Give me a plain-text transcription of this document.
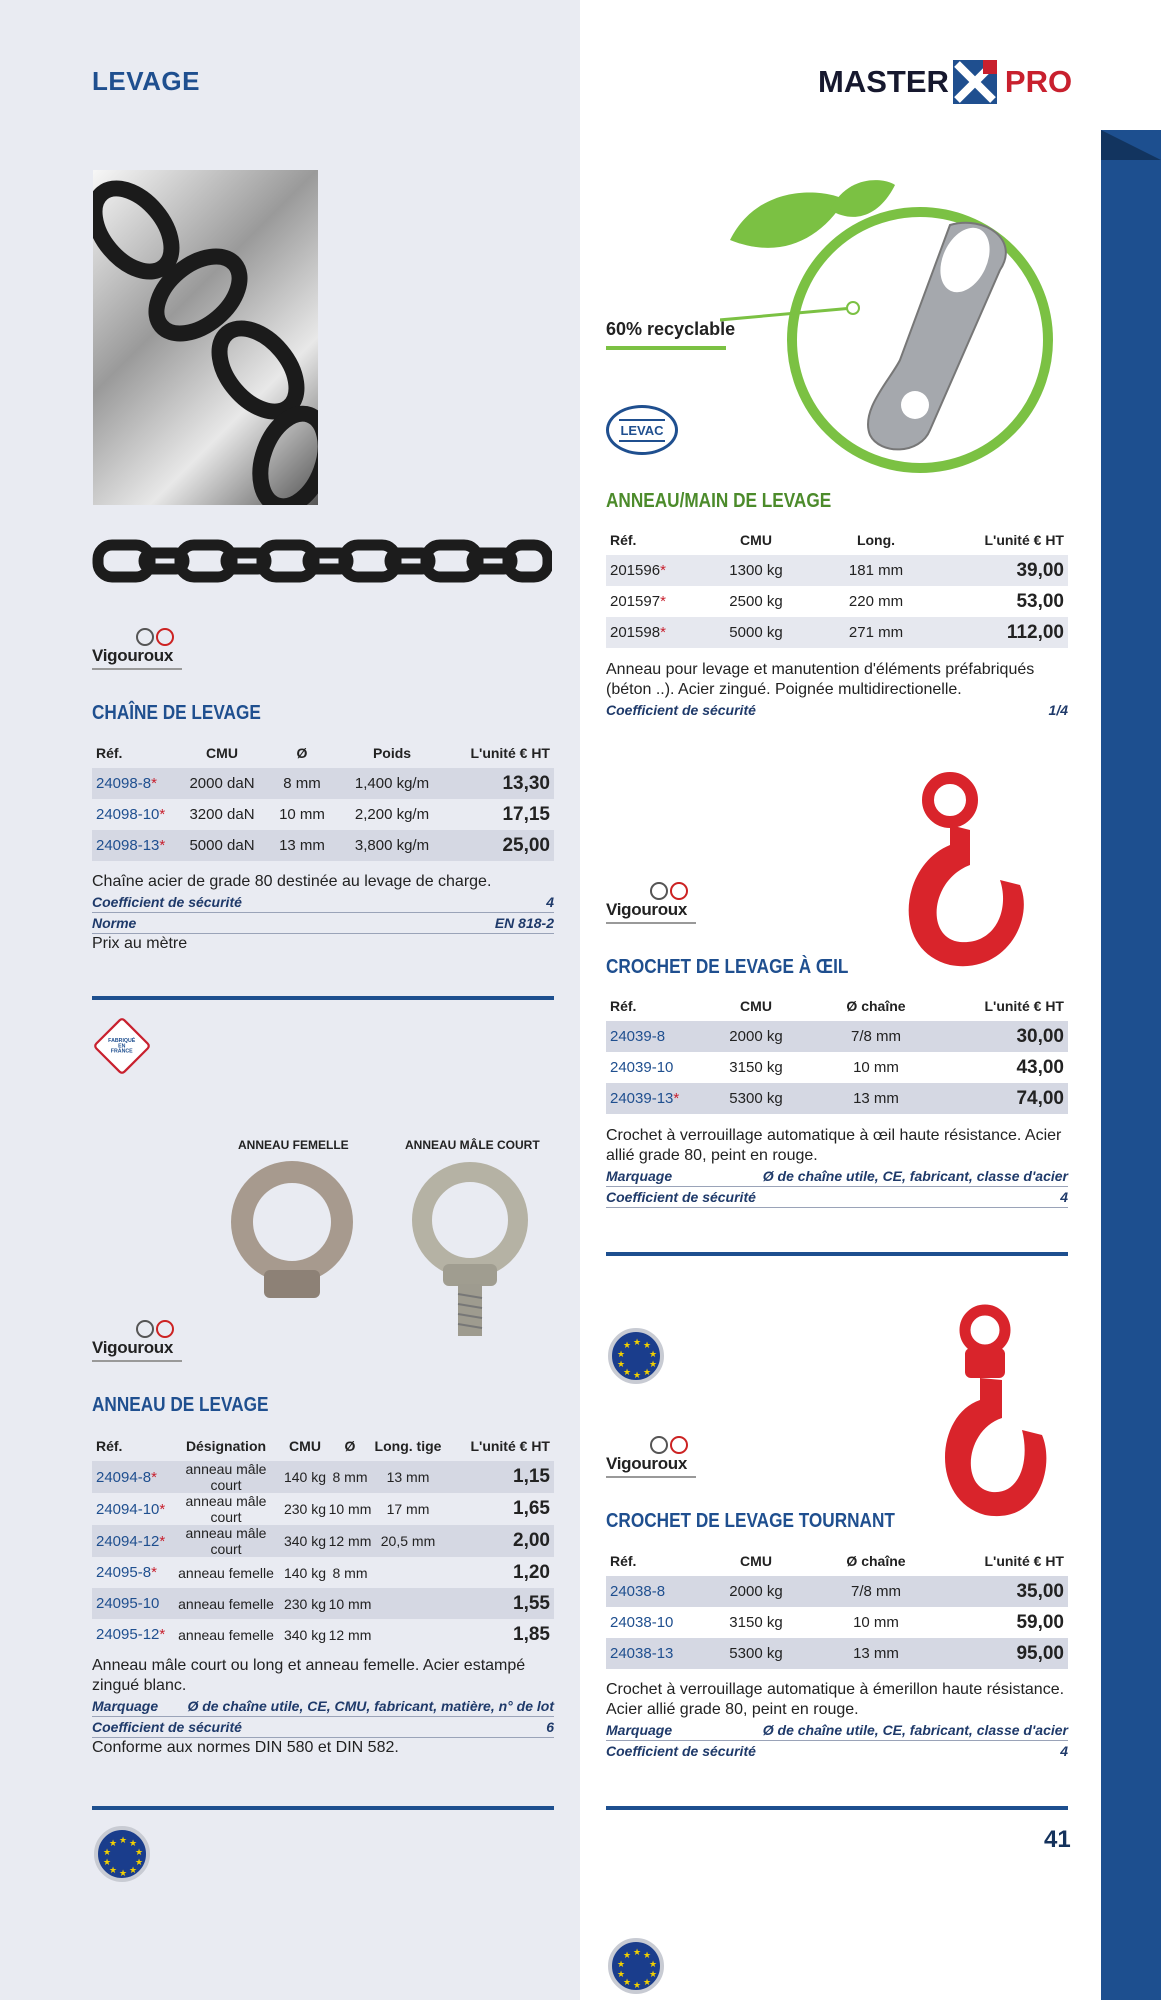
LEVAGE	MASTER PRO
Vigouroux
CHAÎNE DE LEVAGE
Réf.	CMU	Ø	Poids	L'unité € HT
24098-8*	2000 daN	8 mm	1,400 kg/m	13,30
24098-10*	3200 daN	10 mm	2,200 kg/m	17,15
24098-13*	5000 daN	13 mm	3,800 kg/m	25,00
Chaîne acier de grade 80 destinée au levage de charge.
Coefficient de sécurité	4
Norme	EN 818-2
Prix au mètre
FABRIQUÉ EN FRANCE
ANNEAU FEMELLE	ANNEAU MÂLE COURT
Vigouroux
ANNEAU DE LEVAGE
Réf.	Désignation	CMU	Ø	Long. tige	L'unité € HT
24094-8*	anneau mâle court	140 kg	8 mm	13 mm	1,15
24094-10*	anneau mâle court	230 kg	10 mm	17 mm	1,65
24094-12*	anneau mâle court	340 kg	12 mm	20,5 mm	2,00
24095-8*	anneau femelle	140 kg	8 mm		1,20
24095-10	anneau femelle	230 kg	10 mm		1,55
24095-12*	anneau femelle	340 kg	12 mm		1,85
Anneau mâle court ou long et anneau femelle. Acier estampé zingué blanc.
Marquage Ø de chaîne utile, CE, CMU, fabricant, matière, n° de lot
Coefficient de sécurité	6
Conforme aux normes DIN 580 et DIN 582.
★ ★
★
★
★
★
★
★
★
★
60% recyclable
LEVAC
ANNEAU/MAIN DE LEVAGE
Réf.	CMU	Long.	L'unité € HT
201596*	1300 kg	181 mm	39,00
201597*	2500 kg	220 mm	53,00
201598*	5000 kg	271 mm	112,00
Anneau pour levage et manutention d'éléments préfabriqués (béton ..). Acier zingué. Poignée multidirectionelle.
Coefficient de sécurité	1/4
Vigouroux
CROCHET DE LEVAGE À ŒIL
Réf.	CMU	Ø chaîne	L'unité € HT
24039-8	2000 kg	7/8 mm	30,00
24039-10	3150 kg	10 mm	43,00
24039-13*	5300 kg	13 mm	74,00
Crochet à verrouillage automatique à œil haute résistance. Acier allié grade 80, peint en rouge.
Marquage	Ø de chaîne utile, CE, fabricant, classe d'acier
Coefficient de sécurité	4
★ ★
★
★
★
★
★
★
★
★
Vigouroux
CROCHET DE LEVAGE TOURNANT
Réf.	CMU	Ø chaîne	L'unité € HT
24038-8	2000 kg	7/8 mm	35,00
24038-10	3150 kg	10 mm	59,00
24038-13	5300 kg	13 mm	95,00
Crochet à verrouillage automatique à émerillon haute résistance. Acier allié grade 80, peint en rouge.
Marquage	Ø de chaîne utile, CE, fabricant, classe d'acier
Coefficient de sécurité	4
★ ★
★
★
★
★
★
★
★
★
41
